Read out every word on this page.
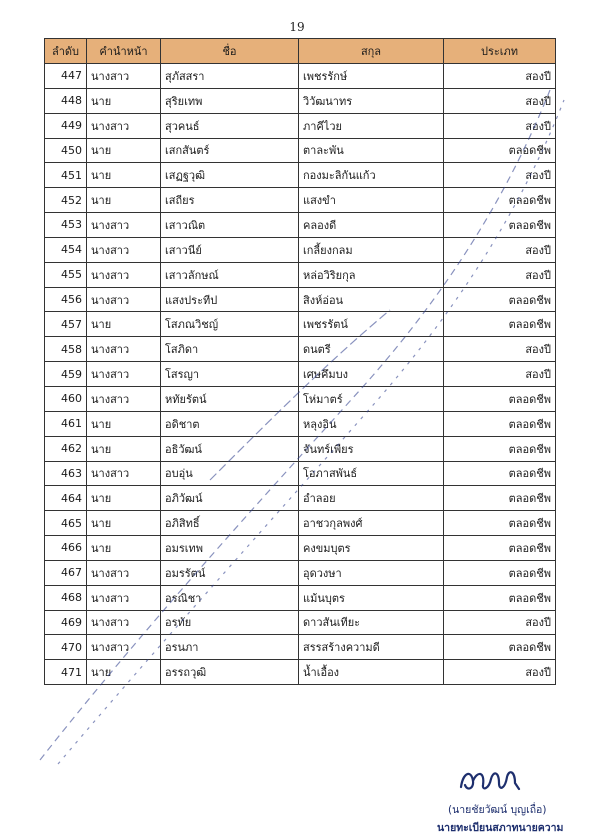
19
ลำดับ	คำนำหน้า	ชื่อ	สกุล	ประเภท
447	นางสาว	สุภัสสรา	เพชรรักษ์	สองปี
448	นาย	สุริยเทพ	วิวัฒนาทร	สองปี
449	นางสาว	สุวคนธ์	ภาคีไวย	สองปี
450	นาย	เสกสันตร์	ตาละพัน	ตลอดชีพ
451	นาย	เสฏฐวุฒิ	กองมะลิกันแก้ว	สองปี
452	นาย	เสถียร	แสงขำ	ตลอดชีพ
453	นางสาว	เสาวณิต	คลองดี	ตลอดชีพ
454	นางสาว	เสาวนีย์	เกลี้ยงกลม	สองปี
455	นางสาว	เสาวลักษณ์	หล่อวิริยกุล	สองปี
456	นางสาว	แสงประทีป	สิงห์อ่อน	ตลอดชีพ
457	นาย	โสภณวิชญ์	เพชรรัตน์	ตลอดชีพ
458	นางสาว	โสภิดา	ดนตรี	สองปี
459	นางสาว	โสรญา	เศษคึมบง	สองปี
460	นางสาว	หทัยรัตน์	โห่มาตร์	ตลอดชีพ
461	นาย	อดิชาต	หลุงอิน	ตลอดชีพ
462	นาย	อธิวัฒน์	จันทร์เพียร	ตลอดชีพ
463	นางสาว	อบอุ่น	โอภาสพันธ์	ตลอดชีพ
464	นาย	อภิวัฒน์	อำลอย	ตลอดชีพ
465	นาย	อภิสิทธิ์	อาชวกุลพงศ์	ตลอดชีพ
466	นาย	อมรเทพ	คงขมบุตร	ตลอดชีพ
467	นางสาว	อมรรัตน์	อุดวงษา	ตลอดชีพ
468	นางสาว	อรณิชา	แม้นบุตร	ตลอดชีพ
469	นางสาว	อรทัย	ดาวสันเทียะ	สองปี
470	นางสาว	อรนภา	สรรสร้างความดี	ตลอดชีพ
471	นาย	อรรถวุฒิ	น้ำเอื้อง	สองปี
(นายชัยวัฒน์ บุญเถื่อ)
นายทะเบียนสภาทนายความ
